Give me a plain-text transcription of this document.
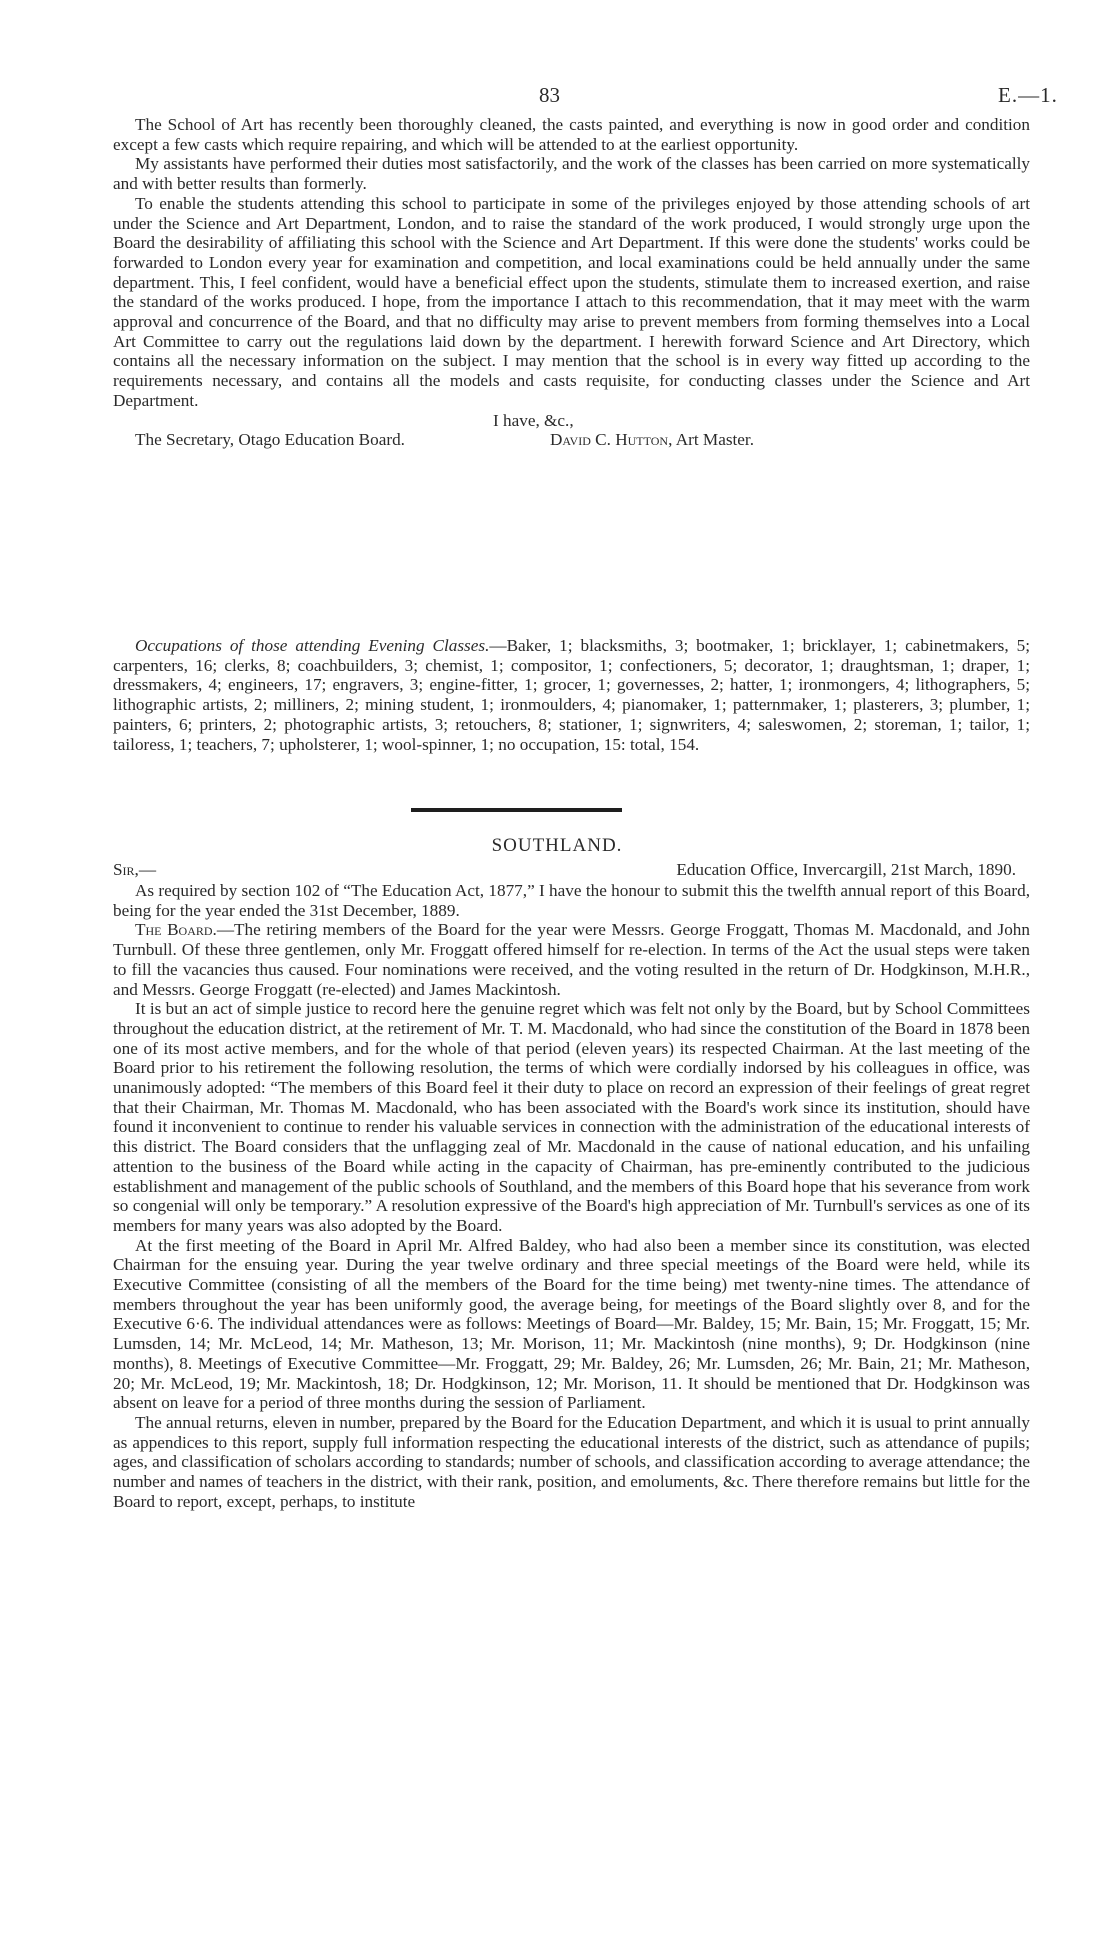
83	E.—1.

The School of Art has recently been thoroughly cleaned, the casts painted, and everything is now in good order and condition except a few casts which require repairing, and which will be attended to at the earliest opportunity.

My assistants have performed their duties most satisfactorily, and the work of the classes has been carried on more systematically and with better results than formerly.

To enable the students attending this school to participate in some of the privileges enjoyed by those attending schools of art under the Science and Art Department, London, and to raise the standard of the work produced, I would strongly urge upon the Board the desirability of affiliating this school with the Science and Art Department. If this were done the students' works could be forwarded to London every year for examination and competition, and local examinations could be held annually under the same department. This, I feel confident, would have a beneficial effect upon the students, stimulate them to increased exertion, and raise the standard of the works produced. I hope, from the importance I attach to this recommendation, that it may meet with the warm approval and concurrence of the Board, and that no difficulty may arise to prevent members from forming themselves into a Local Art Committee to carry out the regulations laid down by the department. I herewith forward Science and Art Directory, which contains all the necessary information on the subject. I may mention that the school is in every way fitted up according to the requirements necessary, and contains all the models and casts requisite, for conducting classes under the Science and Art Department.

I have, &c.,
The Secretary, Otago Education Board.	David C. Hutton, Art Master.

Occupations of those attending Evening Classes.—Baker, 1; blacksmiths, 3; bootmaker, 1; bricklayer, 1; cabinetmakers, 5; carpenters, 16; clerks, 8; coachbuilders, 3; chemist, 1; compositor, 1; confectioners, 5; decorator, 1; draughtsman, 1; draper, 1; dressmakers, 4; engineers, 17; engravers, 3; engine-fitter, 1; grocer, 1; governesses, 2; hatter, 1; ironmongers, 4; lithographers, 5; lithographic artists, 2; milliners, 2; mining student, 1; ironmoulders, 4; pianomaker, 1; patternmaker, 1; plasterers, 3; plumber, 1; painters, 6; printers, 2; photographic artists, 3; retouchers, 8; stationer, 1; signwriters, 4; saleswomen, 2; storeman, 1; tailor, 1; tailoress, 1; teachers, 7; upholsterer, 1; wool-spinner, 1; no occupation, 15: total, 154.

SOUTHLAND.
Sir,—	Education Office, Invercargill, 21st March, 1890.

As required by section 102 of “The Education Act, 1877,” I have the honour to submit this the twelfth annual report of this Board, being for the year ended the 31st December, 1889.

The Board.—The retiring members of the Board for the year were Messrs. George Froggatt, Thomas M. Macdonald, and John Turnbull. Of these three gentlemen, only Mr. Froggatt offered himself for re-election. In terms of the Act the usual steps were taken to fill the vacancies thus caused. Four nominations were received, and the voting resulted in the return of Dr. Hodgkinson, M.H.R., and Messrs. George Froggatt (re-elected) and James Mackintosh.

It is but an act of simple justice to record here the genuine regret which was felt not only by the Board, but by School Committees throughout the education district, at the retirement of Mr. T. M. Macdonald, who had since the constitution of the Board in 1878 been one of its most active members, and for the whole of that period (eleven years) its respected Chairman. At the last meeting of the Board prior to his retirement the following resolution, the terms of which were cordially indorsed by his colleagues in office, was unanimously adopted: “The members of this Board feel it their duty to place on record an expression of their feelings of great regret that their Chairman, Mr. Thomas M. Macdonald, who has been associated with the Board's work since its institution, should have found it inconvenient to continue to render his valuable services in connection with the administration of the educational interests of this district. The Board considers that the unflagging zeal of Mr. Macdonald in the cause of national education, and his unfailing attention to the business of the Board while acting in the capacity of Chairman, has pre-eminently contributed to the judicious establishment and management of the public schools of Southland, and the members of this Board hope that his severance from work so congenial will only be temporary.” A resolution expressive of the Board's high appreciation of Mr. Turnbull's services as one of its members for many years was also adopted by the Board.

At the first meeting of the Board in April Mr. Alfred Baldey, who had also been a member since its constitution, was elected Chairman for the ensuing year. During the year twelve ordinary and three special meetings of the Board were held, while its Executive Committee (consisting of all the members of the Board for the time being) met twenty-nine times. The attendance of members throughout the year has been uniformly good, the average being, for meetings of the Board slightly over 8, and for the Executive 6·6. The individual attendances were as follows: Meetings of Board—Mr. Baldey, 15; Mr. Bain, 15; Mr. Froggatt, 15; Mr. Lumsden, 14; Mr. McLeod, 14; Mr. Matheson, 13; Mr. Morison, 11; Mr. Mackintosh (nine months), 9; Dr. Hodgkinson (nine months), 8. Meetings of Executive Committee—Mr. Froggatt, 29; Mr. Baldey, 26; Mr. Lumsden, 26; Mr. Bain, 21; Mr. Matheson, 20; Mr. McLeod, 19; Mr. Mackintosh, 18; Dr. Hodgkinson, 12; Mr. Morison, 11. It should be mentioned that Dr. Hodgkinson was absent on leave for a period of three months during the session of Parliament.

The annual returns, eleven in number, prepared by the Board for the Education Department, and which it is usual to print annually as appendices to this report, supply full information respecting the educational interests of the district, such as attendance of pupils; ages, and classification of scholars according to standards; number of schools, and classification according to average attendance; the number and names of teachers in the district, with their rank, position, and emoluments, &c. There therefore remains but little for the Board to report, except, perhaps, to institute
